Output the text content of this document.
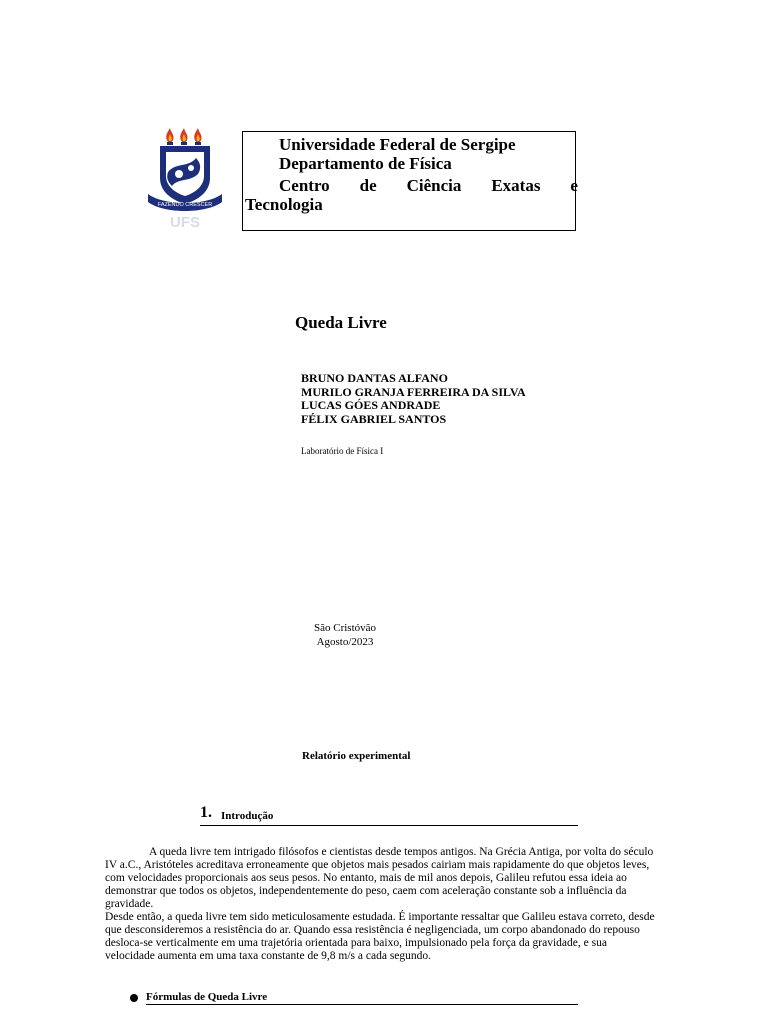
FAZENDO CRESCER
UFS
Universidade Federal de Sergipe
Departamento de Física
Centro de Ciência Exatas e
Tecnologia
Queda Livre
BRUNO DANTAS ALFANO
MURILO GRANJA FERREIRA DA SILVA
LUCAS GÓES ANDRADE
FÉLIX GABRIEL SANTOS
Laboratório de Física I
São Cristóvão
Agosto/2023
Relatório experimental
1. Introdução

A queda livre tem intrigado filósofos e cientistas desde tempos antigos. Na Grécia Antiga, por volta do século IV a.C., Aristóteles acreditava erroneamente que objetos mais pesados cairiam mais rapidamente do que objetos leves, com velocidades proporcionais aos seus pesos. No entanto, mais de mil anos depois, Galileu refutou essa ideia ao demonstrar que todos os objetos, independentemente do peso, caem com aceleração constante sob a influência da gravidade.

Desde então, a queda livre tem sido meticulosamente estudada. É importante ressaltar que Galileu estava correto, desde que desconsideremos a resistência do ar. Quando essa resistência é negligenciada, um corpo abandonado do repouso desloca-se verticalmente em uma trajetória orientada para baixo, impulsionado pela força da gravidade, e sua velocidade aumenta em uma taxa constante de 9,8 m/s a cada segundo.

Fórmulas de Queda Livre
